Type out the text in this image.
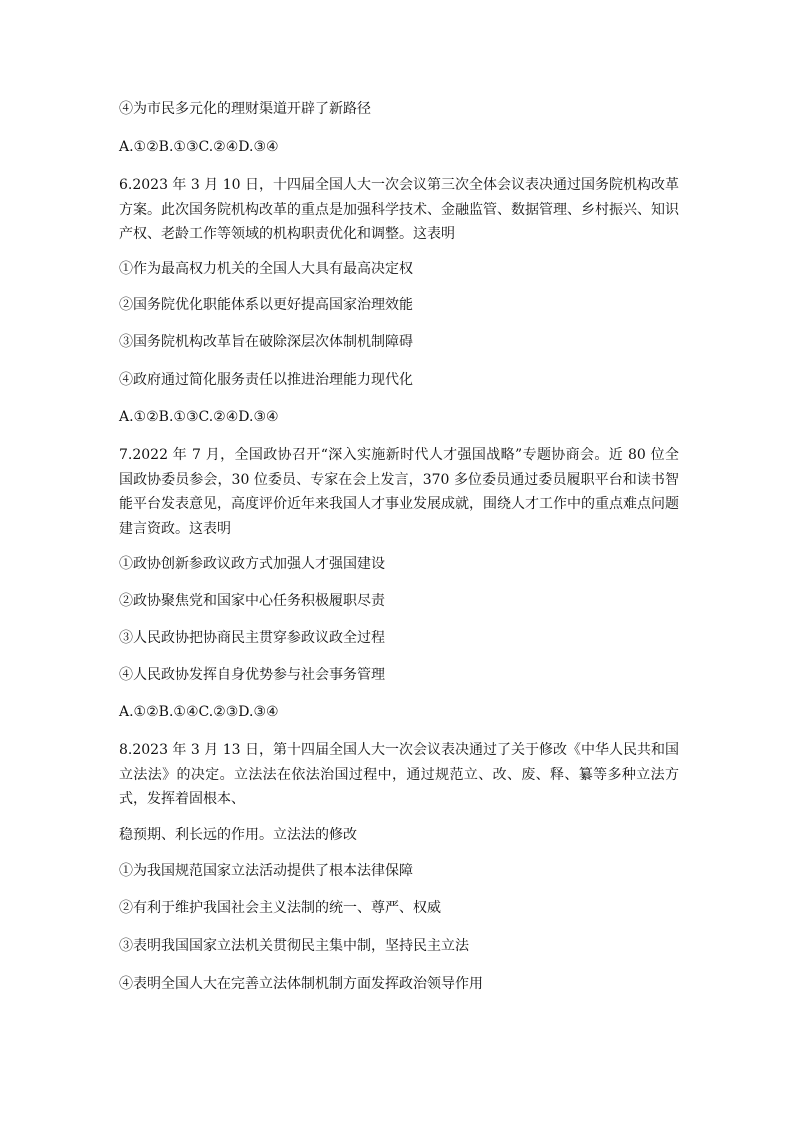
④为市民多元化的理财渠道开辟了新路径
A.①②B.①③C.②④D.③④
6.2023 年 3 月 10 日，十四届全国人大一次会议第三次全体会议表决通过国务院机构改革方案。此次国务院机构改革的重点是加强科学技术、金融监管、数据管理、乡村振兴、知识产权、老龄工作等领域的机构职责优化和调整。这表明
①作为最高权力机关的全国人大具有最高决定权
②国务院优化职能体系以更好提高国家治理效能
③国务院机构改革旨在破除深层次体制机制障碍
④政府通过简化服务责任以推进治理能力现代化
A.①②B.①③C.②④D.③④
7.2022 年 7 月，全国政协召开“深入实施新时代人才强国战略”专题协商会。近 80 位全国政协委员参会，30 位委员、专家在会上发言，370 多位委员通过委员履职平台和读书智能平台发表意见，高度评价近年来我国人才事业发展成就，围绕人才工作中的重点难点问题建言资政。这表明
①政协创新参政议政方式加强人才强国建设
②政协聚焦党和国家中心任务积极履职尽责
③人民政协把协商民主贯穿参政议政全过程
④人民政协发挥自身优势参与社会事务管理
A.①②B.①④C.②③D.③④
8.2023 年 3 月 13 日，第十四届全国人大一次会议表决通过了关于修改《中华人民共和国立法法》的决定。立法法在依法治国过程中，通过规范立、改、废、释、纂等多种立法方式，发挥着固根本、
稳预期、利长远的作用。立法法的修改
①为我国规范国家立法活动提供了根本法律保障
②有利于维护我国社会主义法制的统一、尊严、权威
③表明我国国家立法机关贯彻民主集中制，坚持民主立法
④表明全国人大在完善立法体制机制方面发挥政治领导作用
